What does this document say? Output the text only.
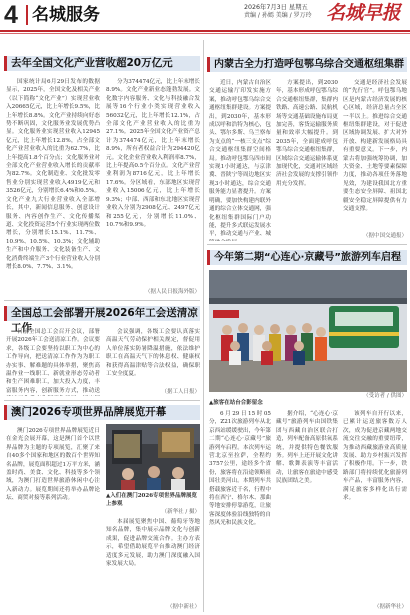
4 名城服务	2026年7月3日 星期五
责编 / 孙嫣 美编 / 罗万玲 名城早报
去年全国文化产业营收超20万亿元

国家统计局6月29日发布的数据显示，2025年，全国文化及相关产业（以下简称“文化产业”）实现营业收入20665亿元，比上年增长9.5%，比上年增长8.8%。文化产业持续向好态势不断巩固，文化服务业发展优势凸显。文化服务业实现营业收入12945亿元，比上年增长12.8%，占全部文化产业营业收入的比重为62.7%，比上年提高1.8个百分点；文化服务业对全部文化产业营业收入增长的贡献率为82.7%。文化制造业、文化批发零售业分别实现营业收入4919亿元和3526亿元，分别增长6.4%和0.5%。文化产业九大行业营业收入全部增长，其中，新闻信息服务、创意设计服务、内容创作生产、文化传播渠道、文化投资运营5个行业实现两位数增长，分别增长15.1%、11.7%、10.9%、10.5%、10.3%；文化辅助生产和中介服务、文化装备生产、文化消费终端生产3个行业营业收入分别增长8.0%、7.7%、3.1%。

分为374474亿元，比上年末增长8.9%。文化产业新业态蓬勃发展。文化数字内容服务、文化与科技融合发展等16个行业小类实现营业收入56032亿元，比上年增长12.1%，占全部文化产业营业收入的比重为27.1%。2025年全国文化产业资产总计为374474亿元，比上年末增长8.9%，所有者权益合计为294420亿元。文化企业营业收入利润率8.7%，比上年提高0.5个百分点。文化产业营业利润为8716亿元，比上年增长17.6%。分区域看，东部地区实现营业收入15006亿元，比上年增长9.3%；中部、西部和东北地区实现营业收入分别为2908亿元、2497亿元和255亿元，分别增长11.0%、10.7%和9.9%。

（据人民日报海外版）
全国总工会部署开展2026年工会送清凉工作

日前全国总工会召开会议，部署开展2026年工会送清凉工作。会议要求，各级工会要坚持以职工为中心的工作导向，把送清凉工作作为为职工办实事、解难题的具体举措，聚焦高温作业一线职工、新就业形态劳动者和生产困难职工，加大投入力度，丰富服务内容，创新服务方式，推动送

会议强调，各级工会要认真落实高温天气劳动保护相关规定，督促用人单位落实防暑降温措施，依法维护职工在高温天气下的休息权、健康权和获得高温津贴等合法权益，确保职工安全度夏。

（据工人日报）
澳门2026专项世界品牌展览开幕

澳门2026专项世界品牌展览近日在金光会展开幕，这是澳门首个以世界品牌为主题的专项展览，汇聚了来自40多个国家和地区的数百个世界知名品牌，展览面积超过1万平方米，涵盖时尚、美食、文化、科技等多个领域，为澳门打造世界旅游休闲中心注入新动力。展览期间还将举办品牌论坛、商贸对接等系列活动。	▲入们在澳门2026专项世界品牌展览上参观
（新华社 / 摄）

本届展览聚焦中国、葡萄牙等地知名品牌，集中展示品牌文化与创新成果，促进品牌交流合作。主办方表示，希望借助展览平台推动澳门经济适度多元发展，助力澳门深度融入国家发展大局。

（据中新社）
内蒙古全力打造呼包鄂乌综合交通枢纽集群

近日，内蒙古自治区交通运输厅印发实施方案，推动呼包鄂乌综合交通枢纽集群建设。方案提出，到2030年，基本形成以呼和浩特为核心，包头、鄂尔多斯、乌兰察布为支点的“一核三支点”综合交通枢纽集群空间格局。推动呼包鄂乌四市间实现1小时通达，与京津冀、晋陕宁等周边地区实现3小时通达，综合交通服务能力显著提升。方案明确，要加快构建内联外通的综合立体交通网，强化枢纽集群国际门户功能，提升多式联运发展水平，推动交通与产业、城

方案提出，到2030年，基本形成呼包鄂乌综合交通枢纽集群，集群内铁路、高速公路、民航机场等交通基础设施布局更加完善，客货运输服务质量和效率大幅提升。到2035年，全面建成呼包鄂乌综合交通枢纽集群，区域综合交通运输体系更加现代化，交通对区域经济社会发展的支撑引领作用充分发挥。

交通是经济社会发展的“先行官”。呼包鄂乌地区是内蒙古经济发展的核心区域，经济总量占全区一半以上。推进综合交通枢纽集群建设，对于促进区域协调发展、扩大对外开放、构建新发展格局具有重要意义。下一步，内蒙古将加强统筹协调，加大资金、土地等要素保障力度，推动各项任务落地见效，为建设我国北方重要生态安全屏障、祖国北疆安全稳定屏障提供有力交通支撑。

（据中国交通报）
今年第二期“心连心·京藏号”旅游列车启程
（受访者 / 供图）
▲旅客在站台合影留念

6月29日15时05分，Z21次旅游列车从北京西站缓缓驶出，今年第二期“心连心·京藏号”旅游列车启程。本次列车运营北京至拉萨，全程约3757公里，途经多个省份，旅客将在沿途领略祖国壮美河山。本期列车共搭载旅客近千名，行程中将在西宁、格尔木、那曲等地安排停靠游览，让旅客深度体验沿线独特的自然风光和民族文化。

据介绍，“心连心·京藏号”旅游列车由国铁集团与西藏自治区联合打造，列车配备高原供氧系统，并提供特色餐饮服务。列车上还开展文化讲解、歌舞表演等丰富活动，让旅客在旅途中感受民族团结之美。

该列车自开行以来，已累计运送旅客数万人次，成为促进京藏两地交流交往交融的重要纽带，为推动西藏旅游业高质量发展、助力乡村振兴发挥了积极作用。下一步，铁路部门将持续优化旅游列车产品，丰富服务内容，满足旅客多样化出行需求。

（据新华社）
